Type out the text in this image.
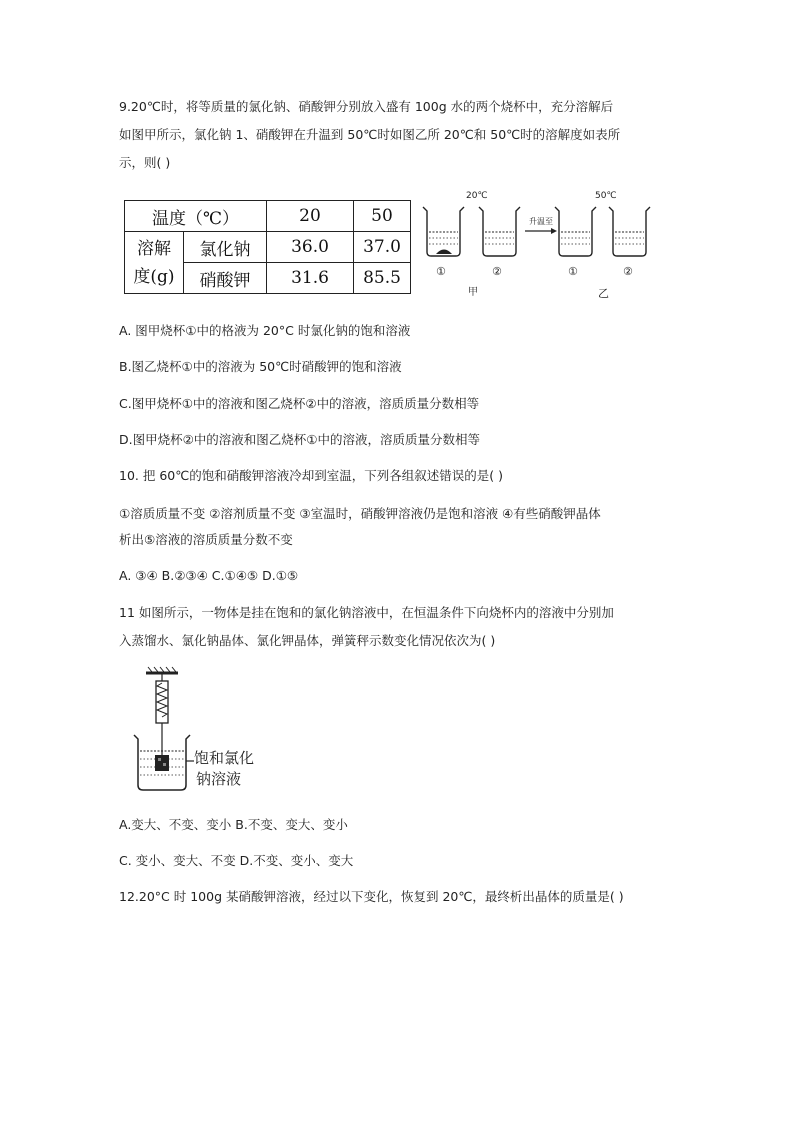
9.20℃时，将等质量的氯化钠、硝酸钾分别放入盛有 100g 水的两个烧杯中，充分溶解后
如图甲所示，氯化钠 1、硝酸钾在升温到 50℃时如图乙所 20℃和 50℃时的溶解度如表所
示，则( )
温度（℃）		20	50

溶解
度(g)	氯化钠	36.0	37.0
	硝酸钾	31.6	85.5
20℃	50℃
升温至
①	②	①	②
甲	乙
A. 图甲烧杯①中的格液为 20°C 时氯化钠的饱和溶液
B.图乙烧杯①中的溶液为 50℃时硝酸钾的饱和溶液
C.图甲烧杯①中的溶液和图乙烧杯②中的溶液，溶质质量分数相等
D.图甲烧杯②中的溶液和图乙烧杯①中的溶液，溶质质量分数相等
10. 把 60℃的饱和硝酸钾溶液冷却到室温，下列各组叙述错误的是( )
①溶质质量不变 ②溶剂质量不变 ③室温时，硝酸钾溶液仍是饱和溶液 ④有些硝酸钾晶体
析出⑤溶液的溶质质量分数不变
A. ③④ B.②③④ C.①④⑤ D.①⑤
11 如图所示，一物体是挂在饱和的氯化钠溶液中，在恒温条件下向烧杯内的溶液中分别加
入蒸馏水、氯化钠晶体、氯化钾晶体，弹簧秤示数变化情况依次为( )
饱和氯化
钠溶液
A.变大、不变、变小 B.不变、变大、变小
C. 变小、变大、不变 D.不变、变小、变大
12.20°C 时 100g 某硝酸钾溶液，经过以下变化，恢复到 20℃，最终析出晶体的质量是( )
